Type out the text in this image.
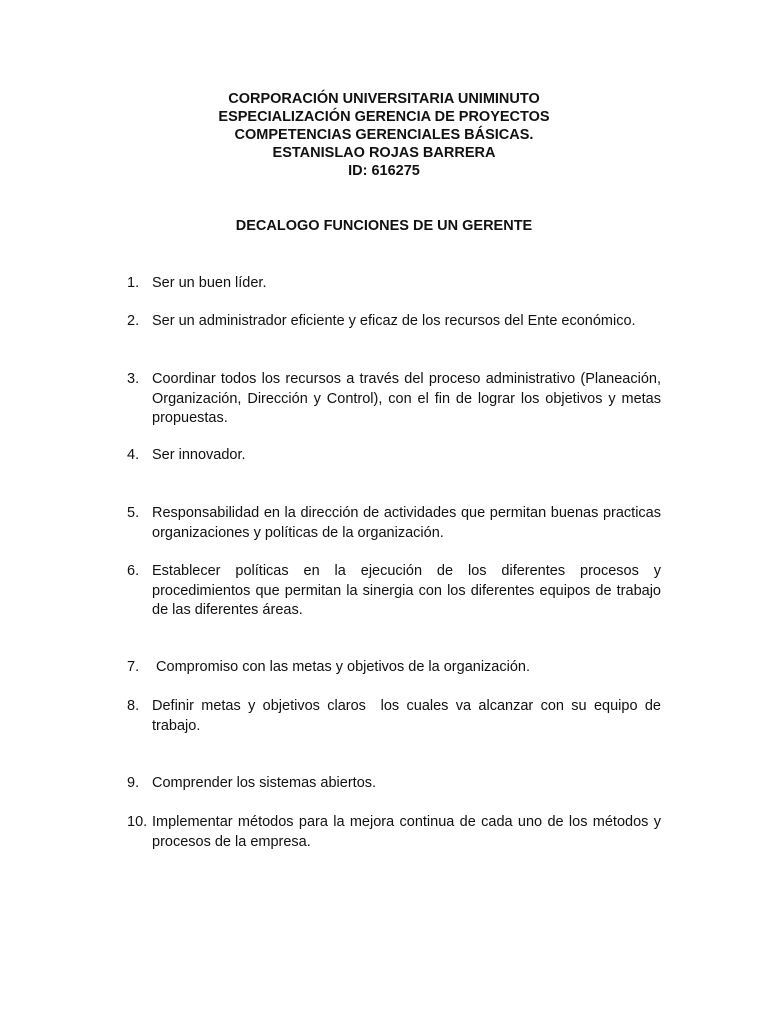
CORPORACIÓN UNIVERSITARIA UNIMINUTO
ESPECIALIZACIÓN GERENCIA DE PROYECTOS
COMPETENCIAS GERENCIALES BÁSICAS.
ESTANISLAO ROJAS BARRERA
ID: 616275
DECALOGO FUNCIONES DE UN GERENTE
1. Ser un buen líder.
2. Ser un administrador eficiente y eficaz de los recursos del Ente económico.
3. Coordinar todos los recursos a través del proceso administrativo (Planeación, Organización, Dirección y Control), con el fin de lograr los objetivos y metas propuestas.
4. Ser innovador.
5. Responsabilidad en la dirección de actividades que permitan buenas practicas organizaciones y políticas de la organización.
6. Establecer políticas en la ejecución de los diferentes procesos y procedimientos que permitan la sinergia con los diferentes equipos de trabajo de las diferentes áreas.
7. Compromiso con las metas y objetivos de la organización.
8. Definir metas y objetivos claros  los cuales va alcanzar con su equipo de trabajo.
9. Comprender los sistemas abiertos.
10. Implementar métodos para la mejora continua de cada uno de los métodos y procesos de la empresa.
